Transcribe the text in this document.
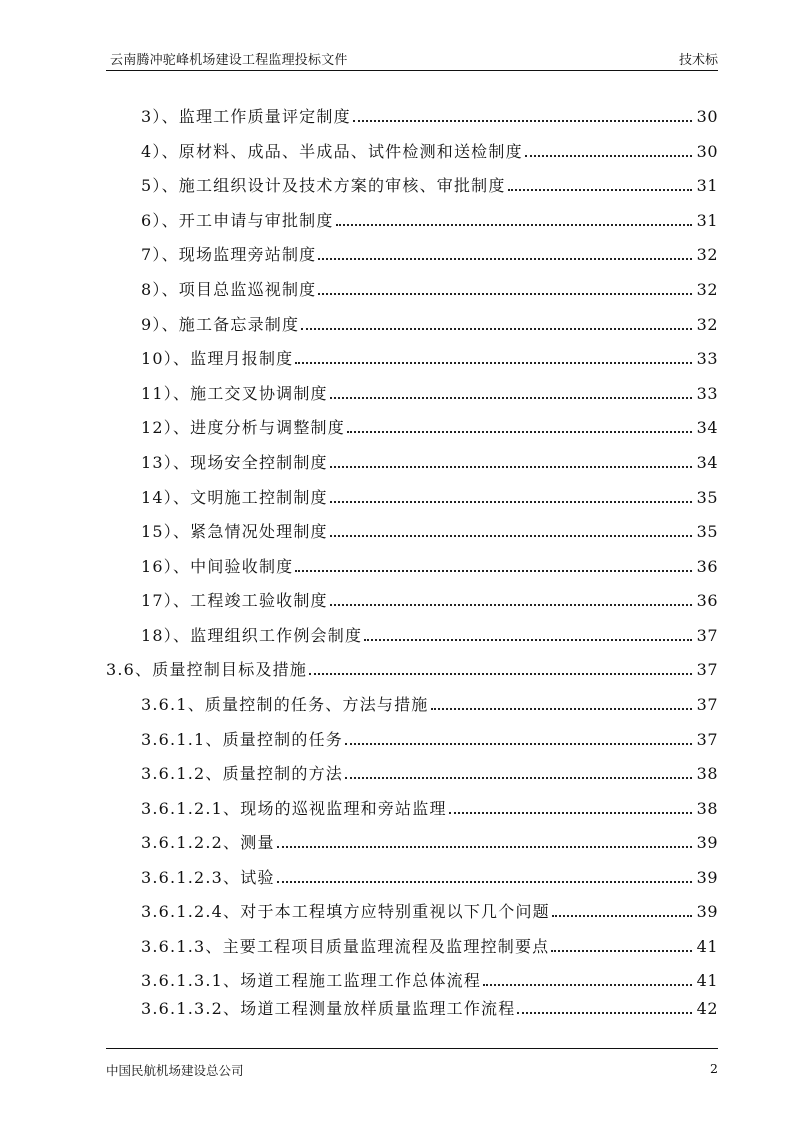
云南腾冲驼峰机场建设工程监理投标文件	技术标
3）、监理工作质量评定制度	30
4）、原材料、成品、半成品、试件检测和送检制度	30
5）、施工组织设计及技术方案的审核、审批制度	31
6）、开工申请与审批制度	31
7）、现场监理旁站制度	32
8）、项目总监巡视制度	32
9）、施工备忘录制度	32
10）、监理月报制度	33
11）、施工交叉协调制度	33
12）、进度分析与调整制度	34
13）、现场安全控制制度	34
14）、文明施工控制制度	35
15）、紧急情况处理制度	35
16）、中间验收制度	36
17）、工程竣工验收制度	36
18）、监理组织工作例会制度	37
3.6、质量控制目标及措施	37
3.6.1、质量控制的任务、方法与措施	37
3.6.1.1、质量控制的任务	37
3.6.1.2、质量控制的方法	38
3.6.1.2.1、现场的巡视监理和旁站监理	38
3.6.1.2.2、测量	39
3.6.1.2.3、试验	39
3.6.1.2.4、对于本工程填方应特别重视以下几个问题	39
3.6.1.3、主要工程项目质量监理流程及监理控制要点	41
3.6.1.3.1、场道工程施工监理工作总体流程	41
3.6.1.3.2、场道工程测量放样质量监理工作流程	42
中国民航机场建设总公司	2
